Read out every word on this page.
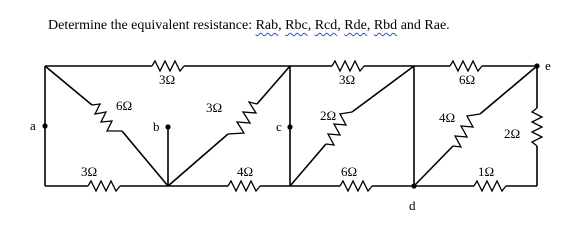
Determine the equivalent resistance: Rab, Rbc, Rcd, Rde, Rbd and Rae.
a	b	c
d
e
3Ω
6Ω	3Ω
3Ω	4Ω
3Ω
2Ω
6Ω
6Ω
4Ω
1Ω
2Ω
